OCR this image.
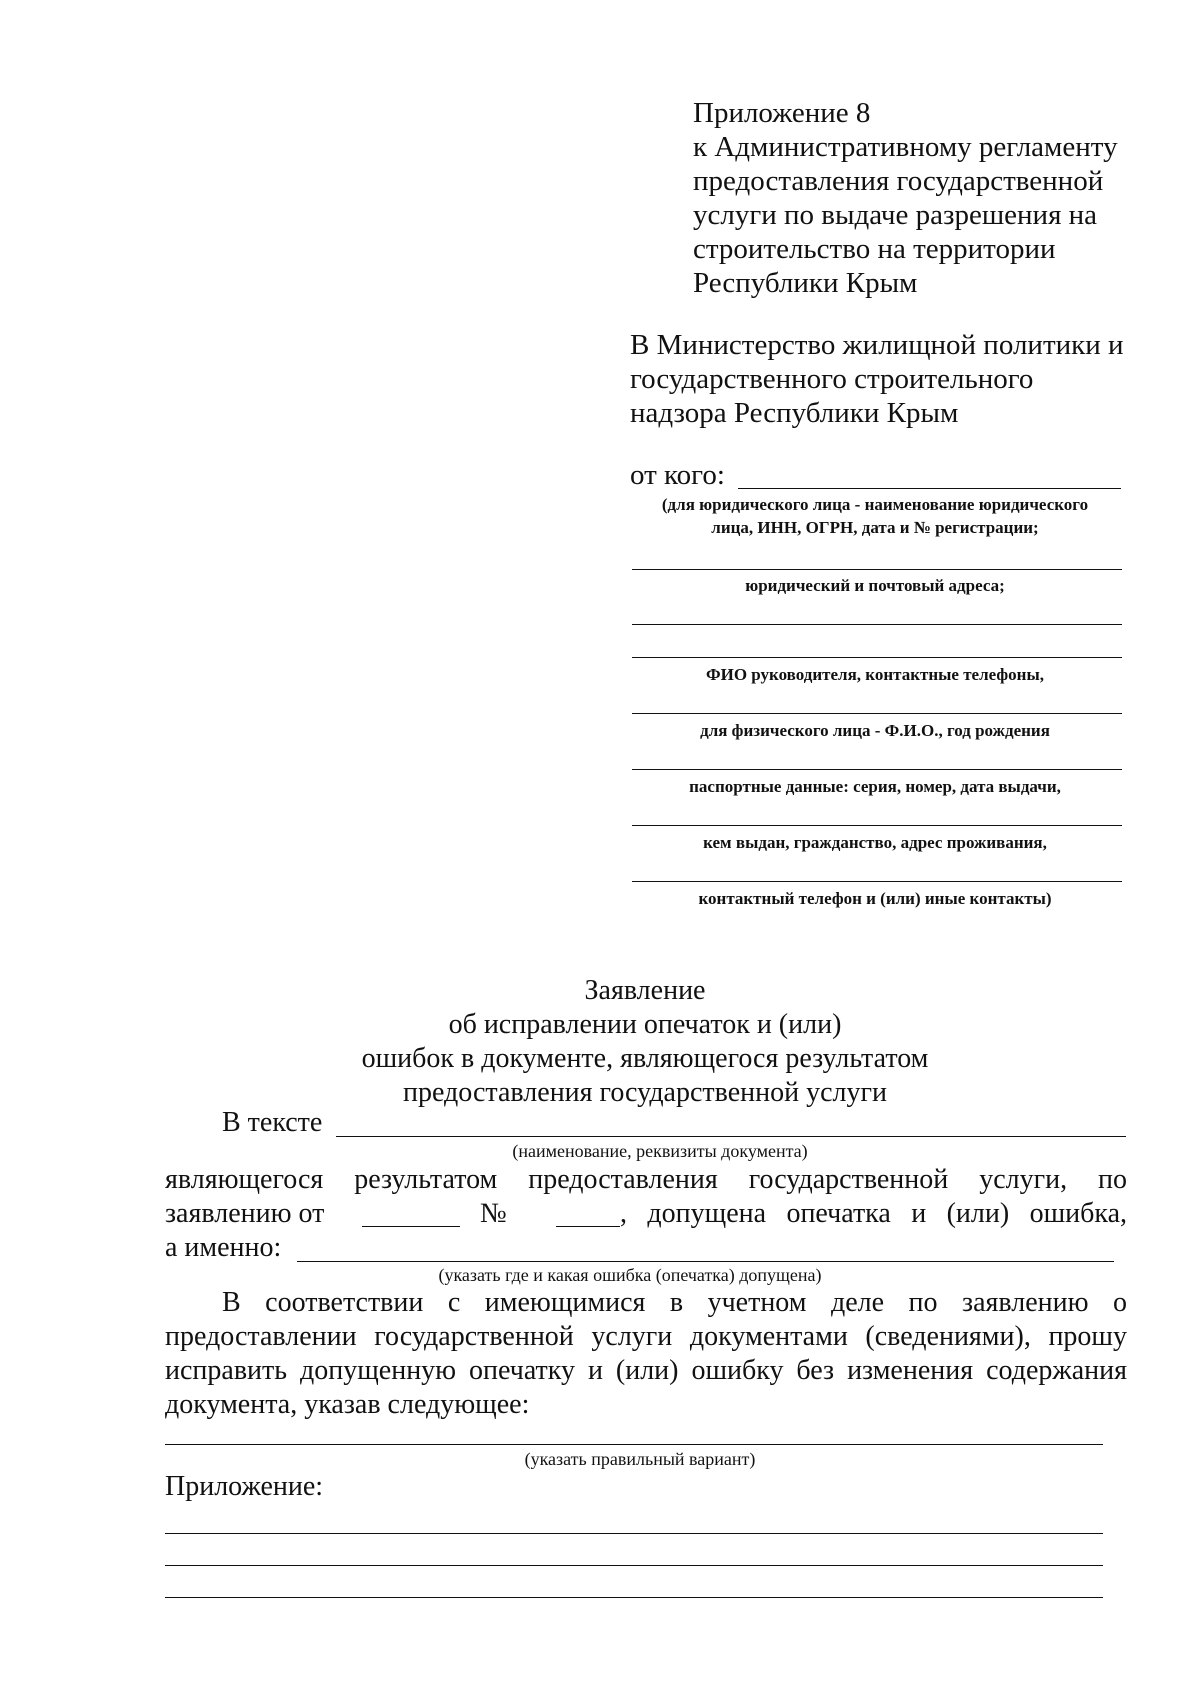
Приложение 8
к Административному регламенту
предоставления государственной
услуги по выдаче разрешения на
строительство на территории
Республики Крым
В Министерство жилищной политики и
государственного строительного
надзора Республики Крым
от кого:
(для юридического лица - наименование юридического
лица, ИНН, ОГРН, дата и № регистрации;
юридический и почтовый адреса;
ФИО руководителя, контактные телефоны,
для физического лица - Ф.И.О., год рождения
паспортные данные: серия, номер, дата выдачи,
кем выдан, гражданство, адрес проживания,
контактный телефон и (или) иные контакты)
Заявление
об исправлении опечаток и (или)
ошибок в документе, являющегося результатом
предоставления государственной услуги
В тексте
(наименование, реквизиты документа)
являющегося результатом предоставления государственной услуги, по
заявлению от	№	, допущена опечатка и (или) ошибка,
а именно:
(указать где и какая ошибка (опечатка) допущена)
В соответствии с имеющимися в учетном деле по заявлению о
предоставлении государственной услуги документами (сведениями), прошу
исправить допущенную опечатку и (или) ошибку без изменения содержания
документа, указав следующее:
(указать правильный вариант)
Приложение:
